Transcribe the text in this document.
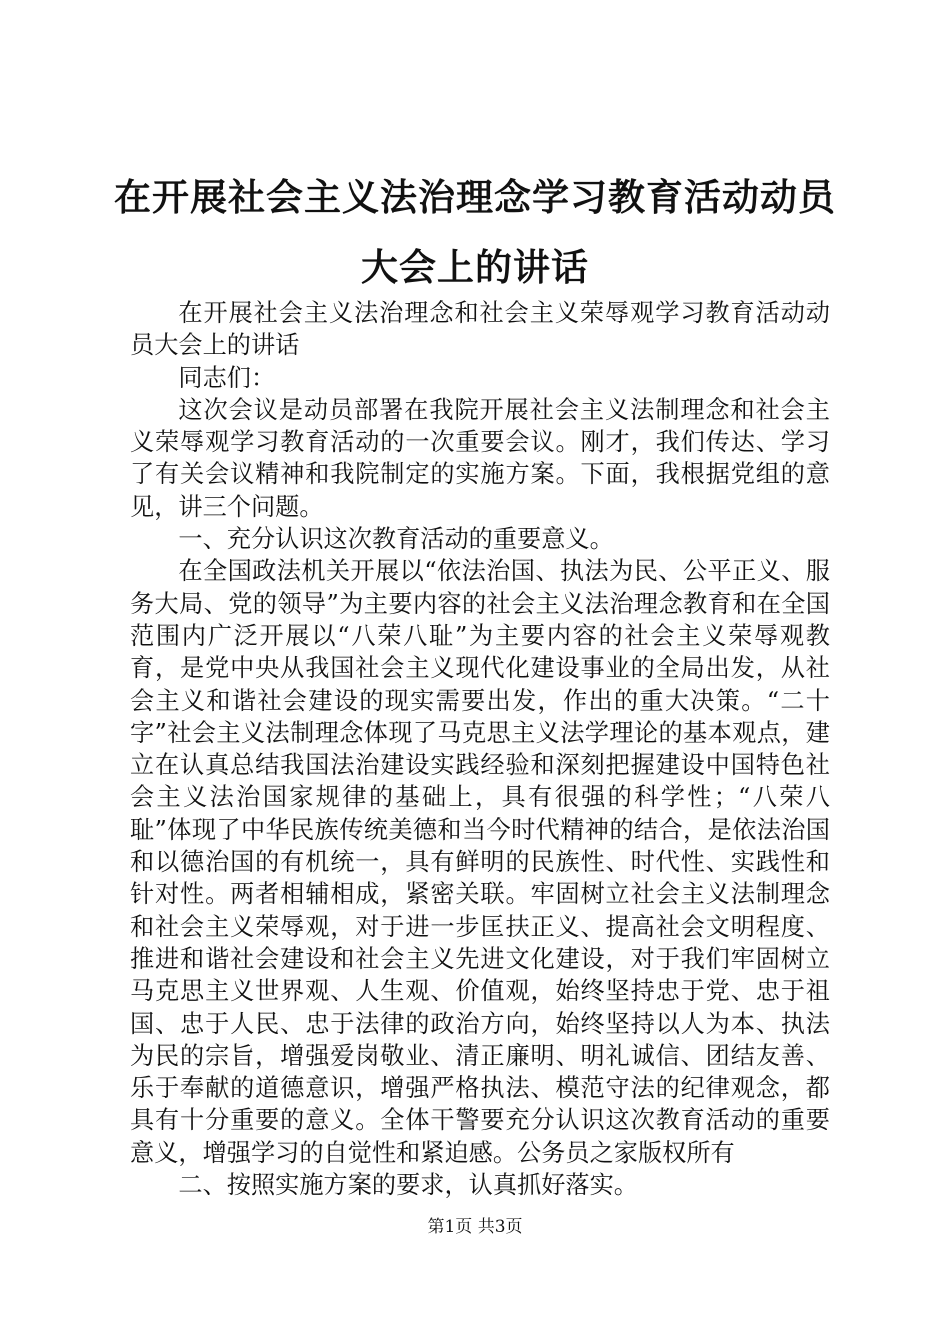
在开展社会主义法治理念学习教育活动动员大会上的讲话

在开展社会主义法治理念和社会主义荣辱观学习教育活动动员大会上的讲话

同志们：

这次会议是动员部署在我院开展社会主义法制理念和社会主义荣辱观学习教育活动的一次重要会议。刚才，我们传达、学习了有关会议精神和我院制定的实施方案。下面，我根据党组的意见，讲三个问题。

一、充分认识这次教育活动的重要意义。

在全国政法机关开展以“依法治国、执法为民、公平正义、服务大局、党的领导”为主要内容的社会主义法治理念教育和在全国范围内广泛开展以“八荣八耻”为主要内容的社会主义荣辱观教育，是党中央从我国社会主义现代化建设事业的全局出发，从社会主义和谐社会建设的现实需要出发，作出的重大决策。“二十字”社会主义法制理念体现了马克思主义法学理论的基本观点，建立在认真总结我国法治建设实践经验和深刻把握建设中国特色社会主义法治国家规律的基础上，具有很强的科学性；“八荣八耻”体现了中华民族传统美德和当今时代精神的结合，是依法治国和以德治国的有机统一，具有鲜明的民族性、时代性、实践性和针对性。两者相辅相成，紧密关联。牢固树立社会主义法制理念和社会主义荣辱观，对于进一步匡扶正义、提高社会文明程度、推进和谐社会建设和社会主义先进文化建设，对于我们牢固树立马克思主义世界观、人生观、价值观，始终坚持忠于党、忠于祖国、忠于人民、忠于法律的政治方向，始终坚持以人为本、执法为民的宗旨，增强爱岗敬业、清正廉明、明礼诚信、团结友善、乐于奉献的道德意识，增强严格执法、模范守法的纪律观念，都具有十分重要的意义。全体干警要充分认识这次教育活动的重要意义，增强学习的自觉性和紧迫感。公务员之家版权所有

二、按照实施方案的要求，认真抓好落实。

第1页 共3页
